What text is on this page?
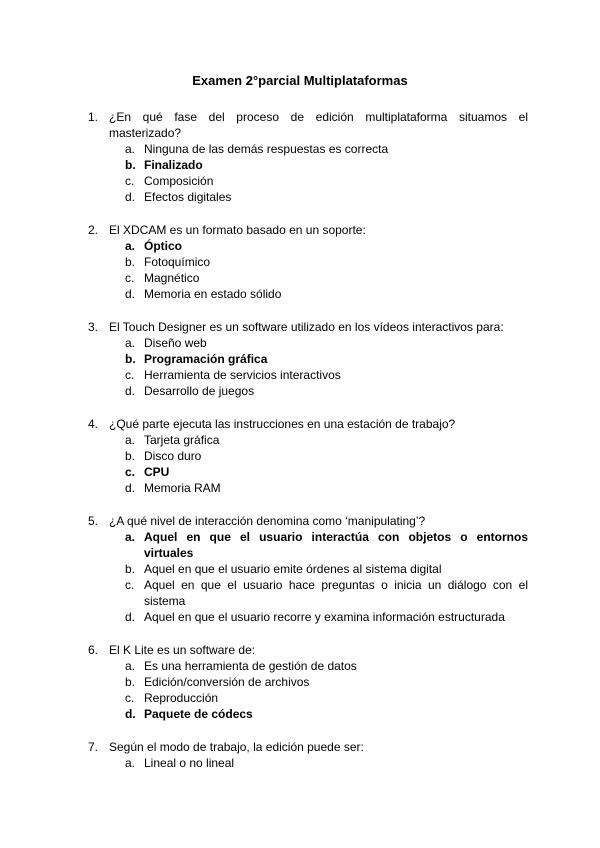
Examen 2°parcial Multiplataformas
1. ¿En qué fase del proceso de edición multiplataforma situamos el masterizado?
a. Ninguna de las demás respuestas es correcta
b. Finalizado
c. Composición
d. Efectos digitales
2. El XDCAM es un formato basado en un soporte:
a. Óptico
b. Fotoquímico
c. Magnético
d. Memoria en estado sólido
3. El Touch Designer es un software utilizado en los vídeos interactivos para:
a. Diseño web
b. Programación gráfica
c. Herramienta de servicios interactivos
d. Desarrollo de juegos
4. ¿Qué parte ejecuta las instrucciones en una estación de trabajo?
a. Tarjeta gráfica
b. Disco duro
c. CPU
d. Memoria RAM
5. ¿A qué nivel de interacción denomina como ‘manipulating’?
a. Aquel en que el usuario interactúa con objetos o entornos virtuales
b. Aquel en que el usuario emite órdenes al sistema digital
c. Aquel en que el usuario hace preguntas o inicia un diálogo con el sistema
d. Aquel en que el usuario recorre y examina información estructurada
6. El K Lite es un software de:
a. Es una herramienta de gestión de datos
b. Edición/conversión de archivos
c. Reproducción
d. Paquete de códecs
7. Según el modo de trabajo, la edición puede ser:
a. Lineal o no lineal
